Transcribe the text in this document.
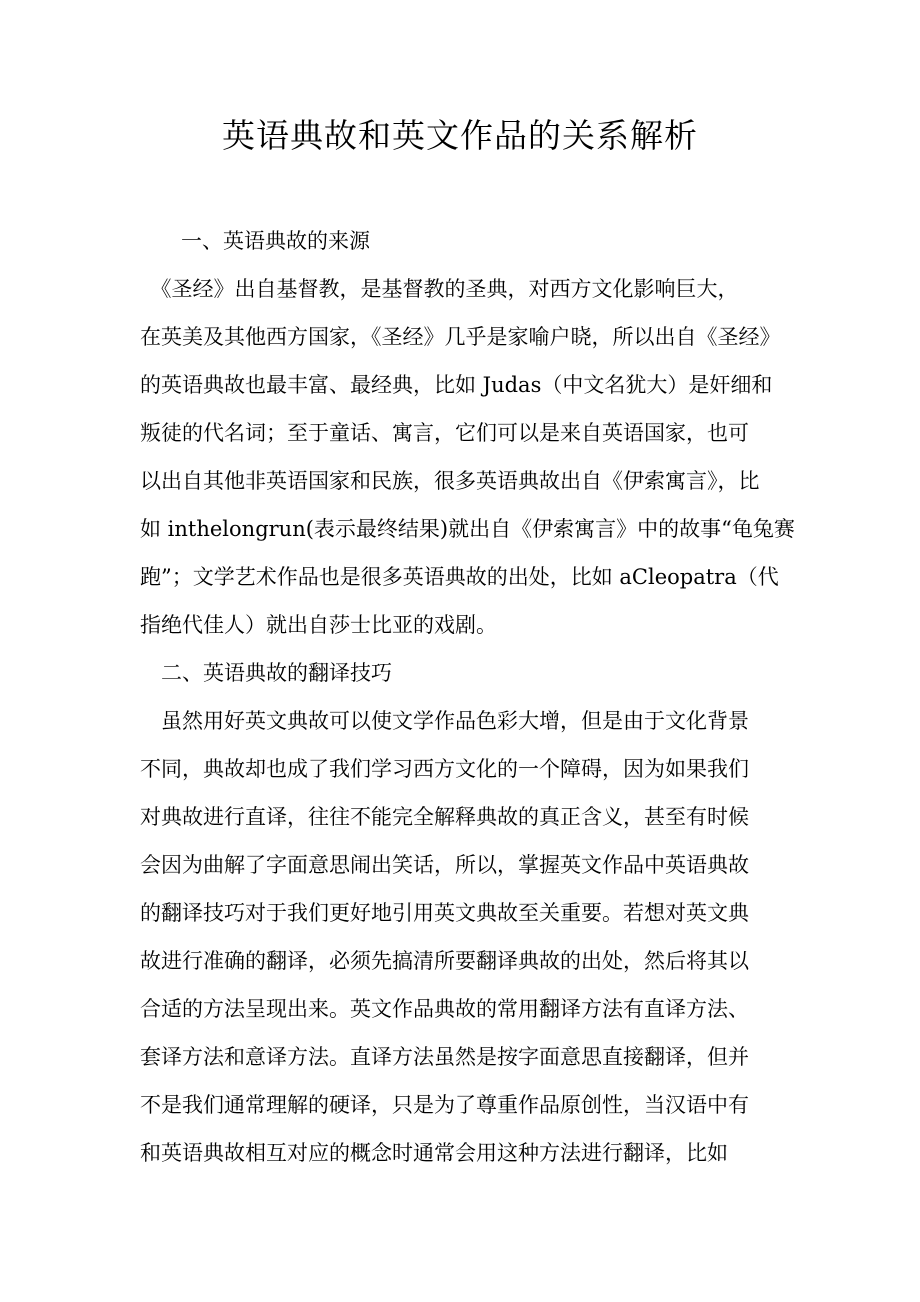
英语典故和英文作品的关系解析
　一、英语典故的来源
　《圣经》出自基督教，是基督教的圣典，对西方文化影响巨大，
在英美及其他西方国家，《圣经》几乎是家喻户晓，所以出自《圣经》
的英语典故也最丰富、最经典，比如 Judas（中文名犹大）是奸细和
叛徒的代名词；至于童话、寓言，它们可以是来自英语国家，也可
以出自其他非英语国家和民族，很多英语典故出自《伊索寓言》，比
如 inthelongrun(表示最终结果)就出自《伊索寓言》中的故事“龟兔赛
跑”；文学艺术作品也是很多英语典故的出处，比如 aCleopatra（代
指绝代佳人）就出自莎士比亚的戏剧。
　二、英语典故的翻译技巧
　虽然用好英文典故可以使文学作品色彩大增，但是由于文化背景
不同，典故却也成了我们学习西方文化的一个障碍，因为如果我们
对典故进行直译，往往不能完全解释典故的真正含义，甚至有时候
会因为曲解了字面意思闹出笑话，所以，掌握英文作品中英语典故
的翻译技巧对于我们更好地引用英文典故至关重要。若想对英文典
故进行准确的翻译，必须先搞清所要翻译典故的出处，然后将其以
合适的方法呈现出来。英文作品典故的常用翻译方法有直译方法、
套译方法和意译方法。直译方法虽然是按字面意思直接翻译，但并
不是我们通常理解的硬译，只是为了尊重作品原创性，当汉语中有
和英语典故相互对应的概念时通常会用这种方法进行翻译，比如
